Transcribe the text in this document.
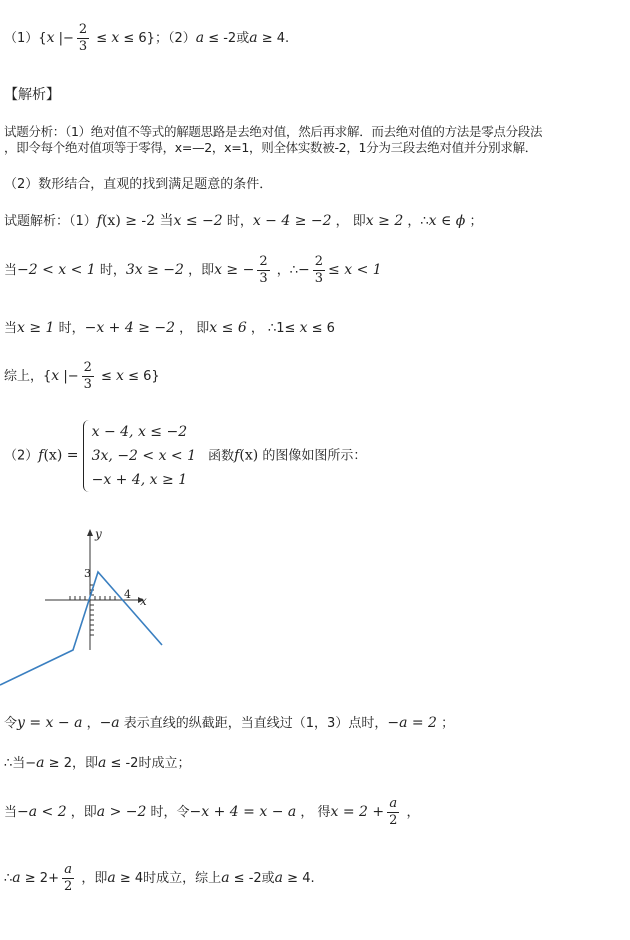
（1）{x |− $\frac{2}{3} \le x \le 6$}；（2）a ≤ -2或a ≥ 4.
【解析】
试题分析：（1）绝对值不等式的解题思路是去绝对值，然后再求解．而去绝对值的方法是零点分段法
，即令每个绝对值项等于零得，x=—2，x=1，则全体实数被-2，1分为三段去绝对值并分别求解．
（2）数形结合，直观的找到满足题意的条件．
试题解析：（1）f(x) ≥ -2 当x ≤ −2 时，x − 4 ≥ −2 ， 即x ≥ 2 ，∴x ∈ ϕ ；
当−2 < x < 1 时，3x ≥ −2 ，即x ≥ − $\frac{2}{3}$ ，∴− $\frac{2}{3} \le x < 1$
当x ≥ 1 时，−x + 4 ≥ −2 ， 即x ≤ 6 ， ∴1≤ x ≤ 6
综上，{x |− $\frac{2}{3} \le x \le 6$}
（2）f(x) =
x − 4, x ≤ −2
3x, −2 < x < 1
−x + 4, x ≥ 1
函数f(x) 的图像如图所示：
y
x
3
4
令y = x − a ，−a 表示直线的纵截距，当直线过（1，3）点时，−a = 2 ；
∴当−a ≥ 2，即a ≤ -2时成立；
当−a < 2 ，即a > −2 时，令−x + 4 = x − a ， 得$x = 2 + \frac{a}{2}$ ，
∴a ≥ $2+ \frac{a}{2}$ ，即a ≥ 4时成立，综上a ≤ -2或a ≥ 4.
